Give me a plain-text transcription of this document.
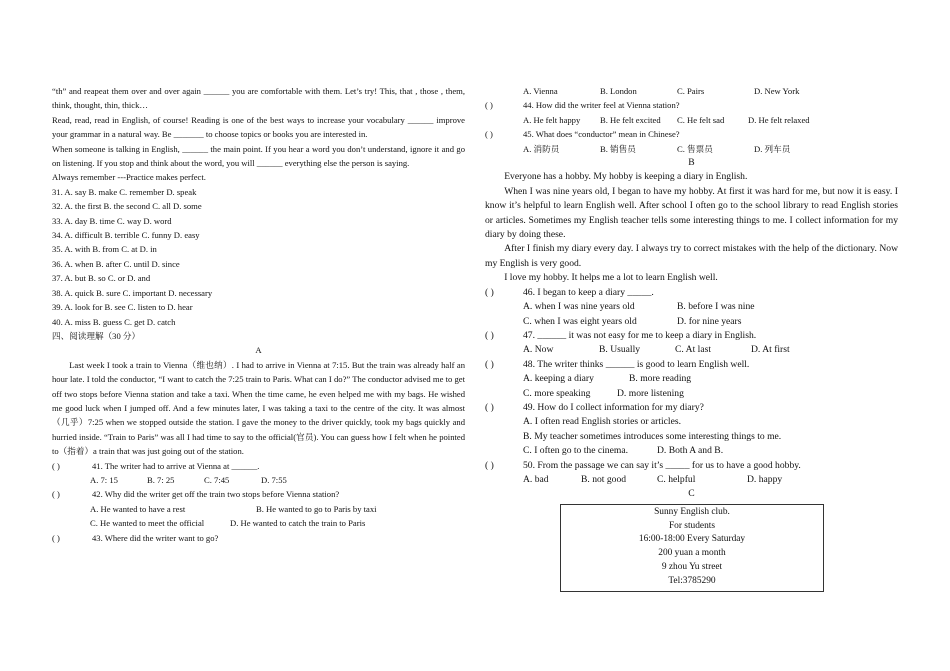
“th” and reapeat them over and over again ______ you are comfortable with them. Let’s try! This, that , those , them, think, thought, thin, thick…

Read, read, read in English, of course! Reading is one of the best ways to increase your vocabulary ______ improve your grammar in a natural way. Be _______ to choose topics or books you are interested in.

When someone is talking in English, ______ the main point. If you hear a word you don’t understand, ignore it and go on listening. If you stop and think about the word, you will ______ everything else the person is saying.

Always remember ---Practice makes perfect.

31. A. say B. make C. remember D. speak
32. A. the first B. the second C. all D. some
33. A. day B. time C. way D. word
34. A. difficult B. terrible C. funny D. easy
35. A. with B. from C. at D. in
36. A. when B. after C. until D. since
37. A. but B. so C. or D. and
38. A. quick B. sure C. important D. necessary
39. A. look for B. see C. listen to D. hear
40. A. miss B. guess C. get D. catch
四、阅读理解（30 分）
A

Last week I took a train to Vienna（维也纳）. I had to arrive in Vienna at 7:15. But the train was already half an hour late. I told the conductor, “I want to catch the 7:25 train to Paris. What can I do?” The conductor advised me to get off two stops before Vienna station and take a taxi. When the time came, he even helped me with my bags. He wished me good luck when I jumped off. And a few minutes later, I was taking a taxi to the centre of the city. It was almost（几乎）7:25 when we stopped outside the station. I gave the money to the driver quickly, took my bags quickly and hurried inside. “Train to Paris” was all I had time to say to the official(官员). You can guess how I felt when he pointed to（指着）a train that was just going out of the station.

( )	41. The writer had to arrive at Vienna at ______.
A. 7: 15	B. 7: 25	C. 7:45	D. 7:55
( )	42. Why did the writer get off the train two stops before Vienna station?
A. He wanted to have a rest	B. He wanted to go to Paris by taxi
C. He wanted to meet the official	D. He wanted to catch the train to Paris
( )	43. Where did the writer want to go?
A. Vienna	B. London	C. Pairs	D. New York
( )	44. How did the writer feel at Vienna station?
A. He felt happy B. He felt excited C. He felt sad	D. He felt relaxed
( )	45. What does “conductor” mean in Chinese?
A. 消防员	B. 销售员	C. 售票员	D. 列车员
B

Everyone has a hobby. My hobby is keeping a diary in English.

When I was nine years old, I began to have my hobby. At first it was hard for me, but now it is easy. I know it’s helpful to learn English well. After school I often go to the school library to read English stories or articles. Sometimes my English teacher tells some interesting things to me. I collect information for my diary by doing these.

After I finish my diary every day. I always try to correct mistakes with the help of the dictionary. Now my English is very good.

I love my hobby. It helps me a lot to learn English well.

( )	46. I began to keep a diary _____.
A. when I was nine years old	B. before I was nine
C. when I was eight years old	D. for nine years
( )	47. ______ it was not easy for me to keep a diary in English.
A. Now	B. Usually	C. At last	D. At first
( )	48. The writer thinks ______ is good to learn English well.
A. keeping a diary	B. more reading
C. more speaking	D. more listening
( )	49. How do I collect information for my diary?
A. I often read English stories or articles.
B. My teacher sometimes introduces some interesting things to me.
C. I often go to the cinema.	D. Both A and B.
( )	50. From the passage we can say it’s _____ for us to have a good hobby.
A. bad	B. not good	C. helpful	D. happy
C
Sunny English club.
For students
16:00-18:00 Every Saturday
200 yuan a month
9 zhou Yu street
Tel:3785290
